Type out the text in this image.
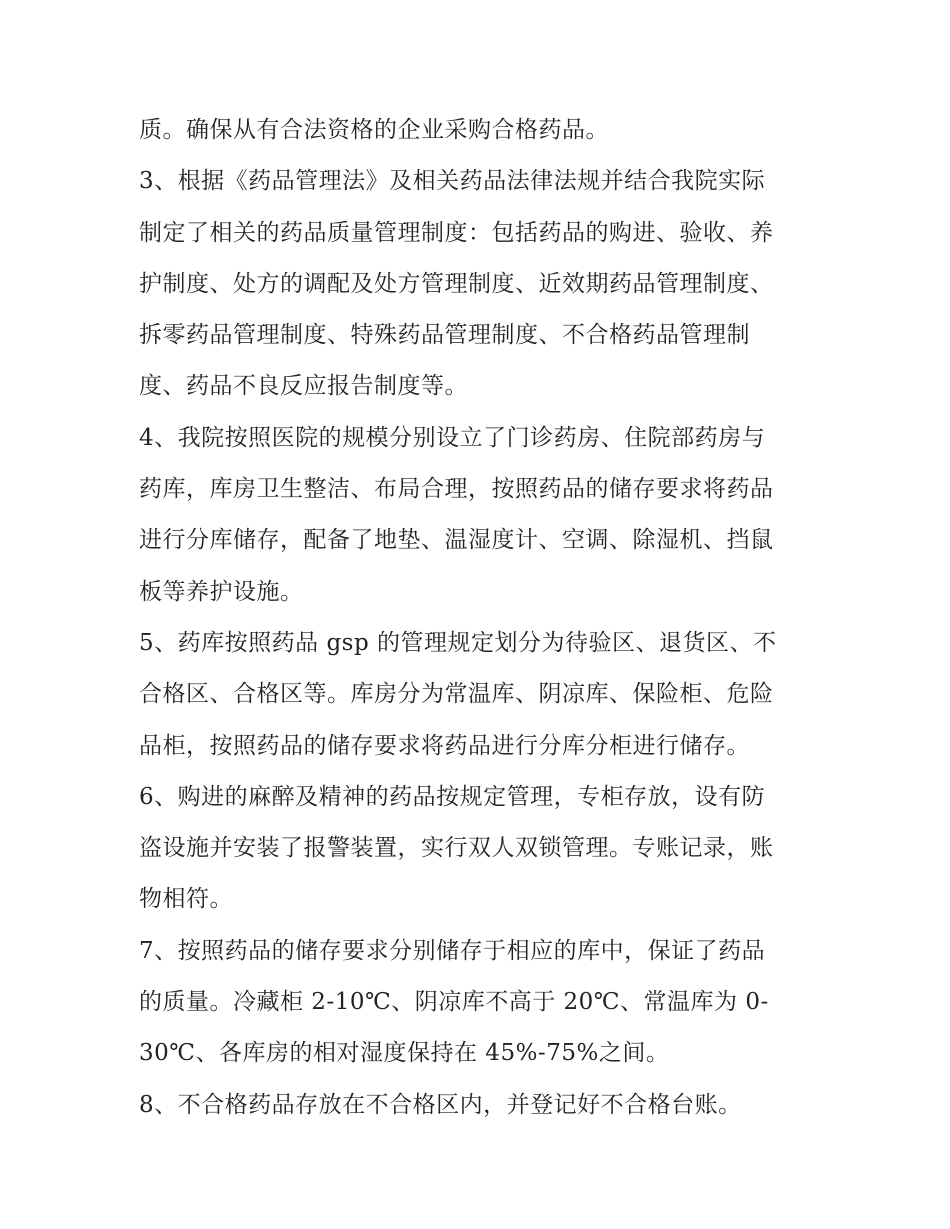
质。确保从有合法资格的企业采购合格药品。
3、根据《药品管理法》及相关药品法律法规并结合我院实际
制定了相关的药品质量管理制度：包括药品的购进、验收、养
护制度、处方的调配及处方管理制度、近效期药品管理制度、
拆零药品管理制度、特殊药品管理制度、不合格药品管理制
度、药品不良反应报告制度等。
4、我院按照医院的规模分别设立了门诊药房、住院部药房与
药库，库房卫生整洁、布局合理，按照药品的储存要求将药品
进行分库储存，配备了地垫、温湿度计、空调、除湿机、挡鼠
板等养护设施。
5、药库按照药品 gsp 的管理规定划分为待验区、退货区、不
合格区、合格区等。库房分为常温库、阴凉库、保险柜、危险
品柜，按照药品的储存要求将药品进行分库分柜进行储存。
6、购进的麻醉及精神的药品按规定管理，专柜存放，设有防
盗设施并安装了报警装置，实行双人双锁管理。专账记录，账
物相符。
7、按照药品的储存要求分别储存于相应的库中，保证了药品
的质量。冷藏柜 2-10℃、阴凉库不高于 20℃、常温库为 0-
30℃、各库房的相对湿度保持在 45%-75%之间。
8、不合格药品存放在不合格区内，并登记好不合格台账。
